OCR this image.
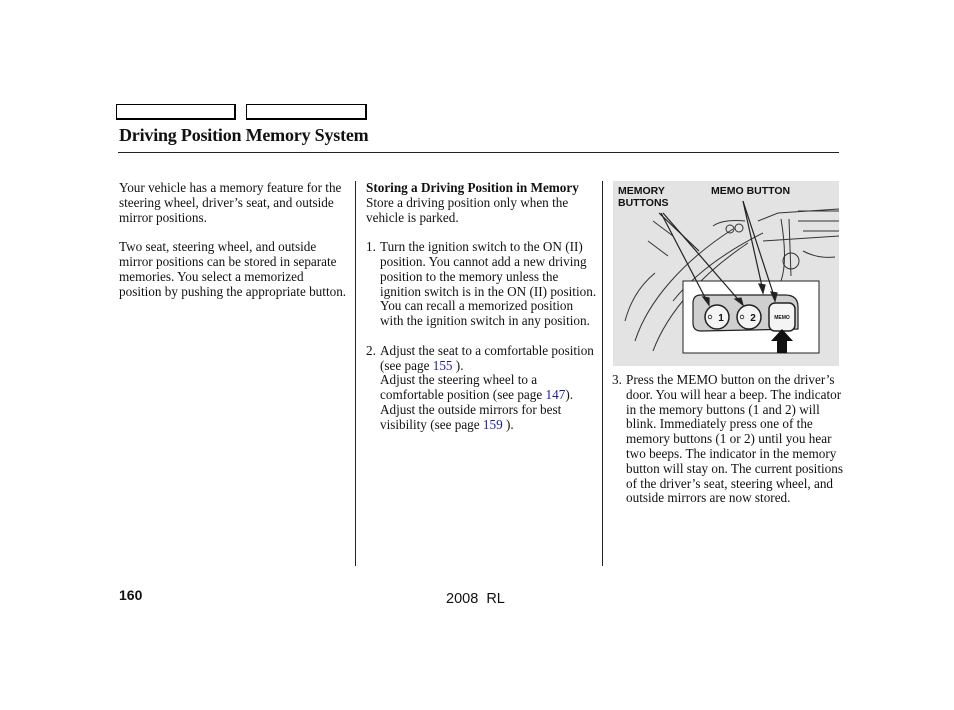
Driving Position Memory System

Your vehicle has a memory feature for the steering wheel, driver’s seat, and outside mirror positions.

Two seat, steering wheel, and outside mirror positions can be stored in separate memories. You select a memorized position by pushing the appropriate button.

Storing a Driving Position in Memory

Store a driving position only when the vehicle is parked.

1. Turn the ignition switch to the ON (II) position. You cannot add a new driving position to the memory unless the ignition switch is in the ON (II) position. You can recall a memorized position with the ignition switch in any position.

2. Adjust the seat to a comfortable position (see page 155 ).

Adjust the steering wheel to a comfortable position (see page 147).

Adjust the outside mirrors for best visibility (see page 159 ).

1	2	MEMO
MEMORY
BUTTONS
MEMO BUTTON
3. Press the MEMO button on the driver’s door. You will hear a beep. The indicator in the memory buttons (1 and 2) will blink. Immediately press one of the memory buttons (1 or 2) until you hear two beeps. The indicator in the memory button will stay on. The current positions of the driver’s seat, steering wheel, and outside mirrors are now stored.

160	2008  RL
